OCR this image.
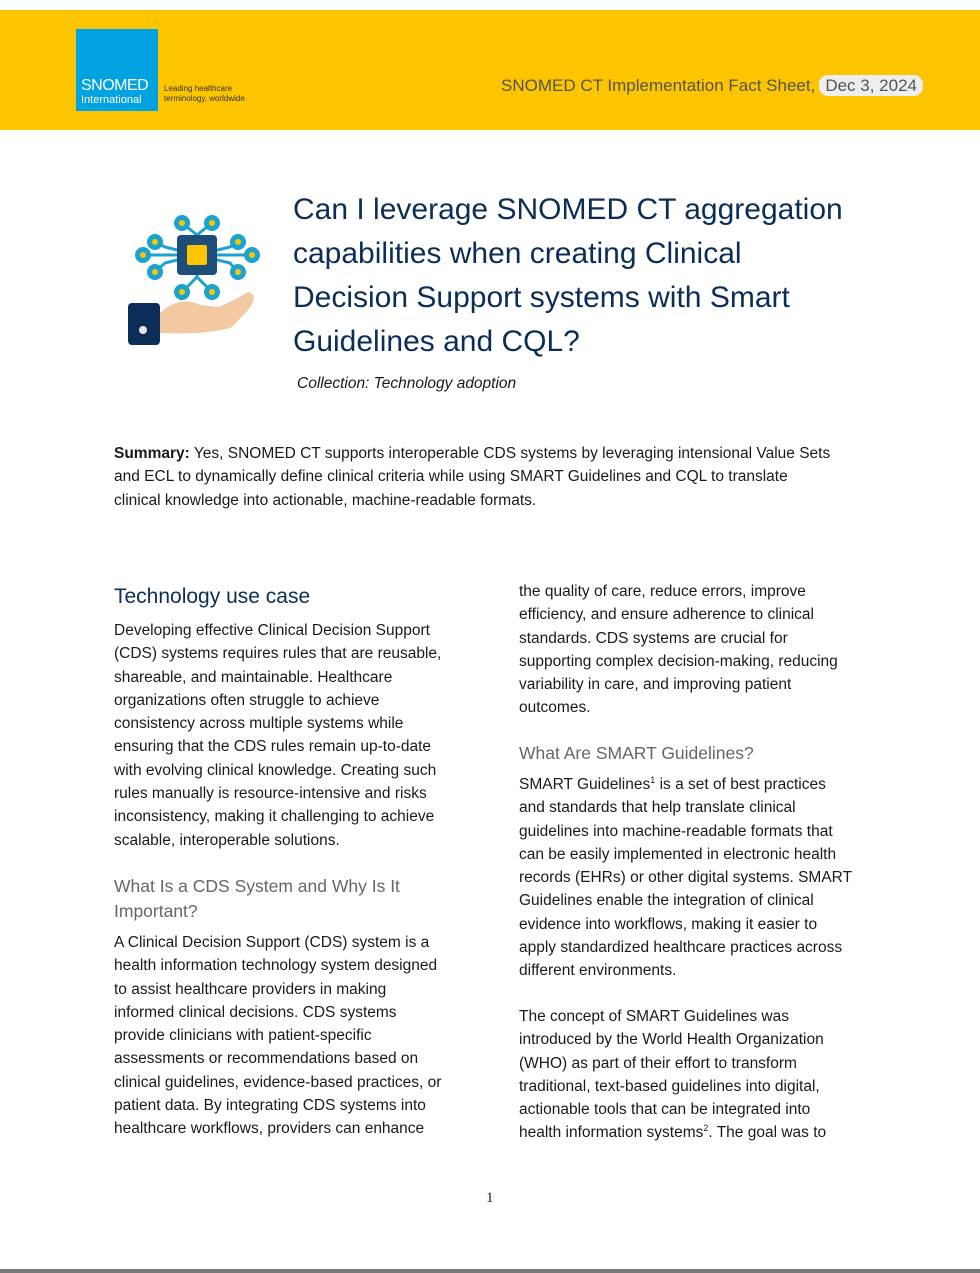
SNOMED
International
Leading healthcare
terminology, worldwide
SNOMED CT Implementation Fact Sheet, Dec 3, 2024
Can I leverage SNOMED CT aggregation
capabilities when creating Clinical
Decision Support systems with Smart
Guidelines and CQL?
Collection: Technology adoption
Summary: Yes, SNOMED CT supports interoperable CDS systems by leveraging intensional Value Sets
and ECL to dynamically define clinical criteria while using SMART Guidelines and CQL to translate
clinical knowledge into actionable, machine-readable formats.
Technology use case
Developing effective Clinical Decision Support
(CDS) systems requires rules that are reusable,
shareable, and maintainable. Healthcare
organizations often struggle to achieve
consistency across multiple systems while
ensuring that the CDS rules remain up-to-date
with evolving clinical knowledge. Creating such
rules manually is resource-intensive and risks
inconsistency, making it challenging to achieve
scalable, interoperable solutions.
What Is a CDS System and Why Is It
Important?
A Clinical Decision Support (CDS) system is a
health information technology system designed
to assist healthcare providers in making
informed clinical decisions. CDS systems
provide clinicians with patient-specific
assessments or recommendations based on
clinical guidelines, evidence-based practices, or
patient data. By integrating CDS systems into
healthcare workflows, providers can enhance
the quality of care, reduce errors, improve
efficiency, and ensure adherence to clinical
standards. CDS systems are crucial for
supporting complex decision-making, reducing
variability in care, and improving patient
outcomes.
What Are SMART Guidelines?
SMART Guidelines$^1$ is a set of best practices
and standards that help translate clinical
guidelines into machine-readable formats that
can be easily implemented in electronic health
records (EHRs) or other digital systems. SMART
Guidelines enable the integration of clinical
evidence into workflows, making it easier to
apply standardized healthcare practices across
different environments.
The concept of SMART Guidelines was
introduced by the World Health Organization
(WHO) as part of their effort to transform
traditional, text-based guidelines into digital,
actionable tools that can be integrated into
health information systems$^2$. The goal was to
1
